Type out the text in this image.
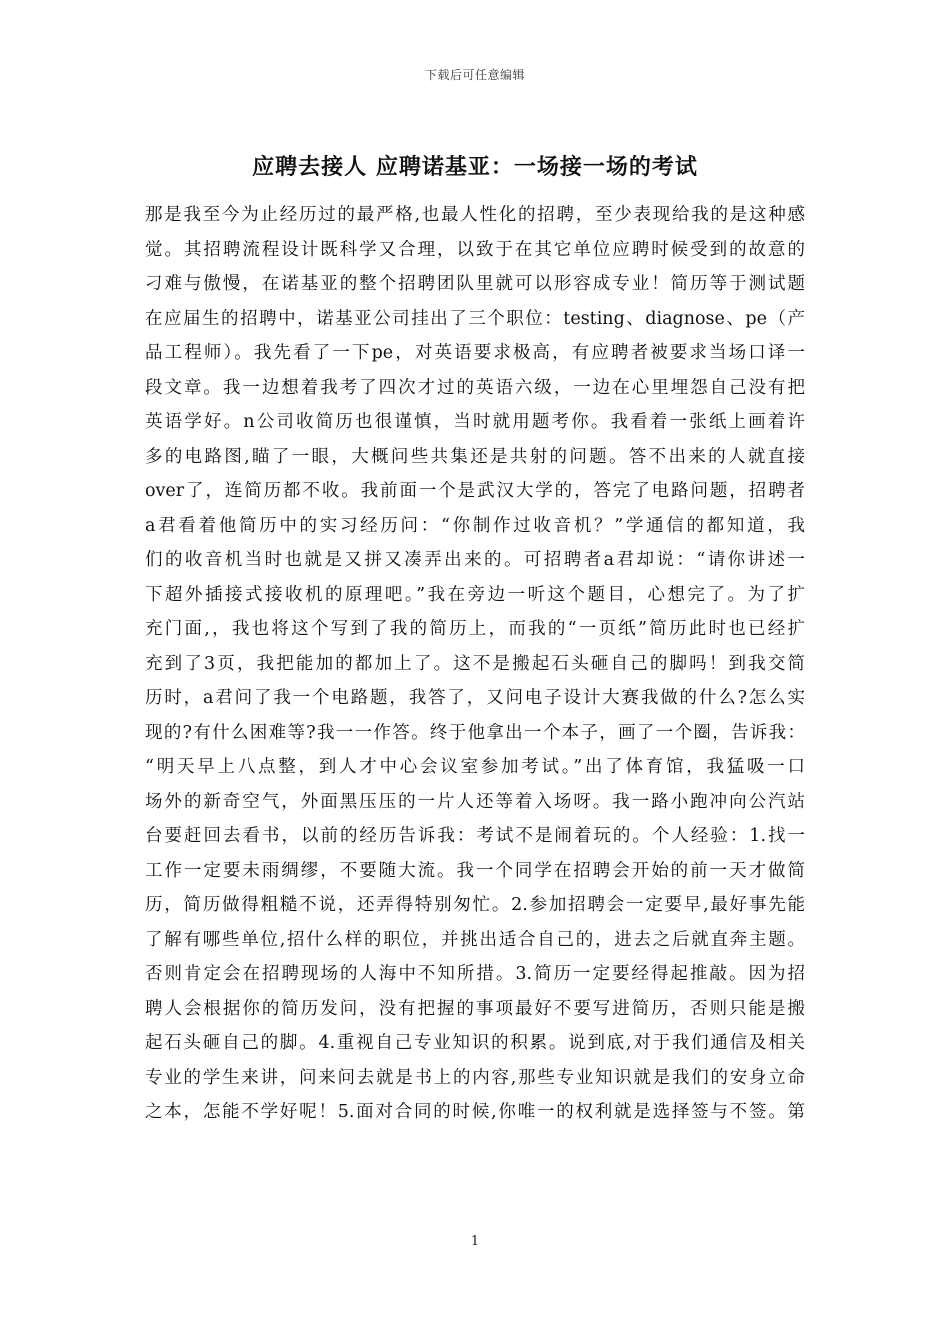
下载后可任意编辑
应聘去接人 应聘诺基亚：一场接一场的考试
那是我至今为止经历过的最严格,也最人性化的招聘，至少表现给我的是这种感
觉。其招聘流程设计既科学又合理，以致于在其它单位应聘时候受到的故意的
刁难与傲慢，在诺基亚的整个招聘团队里就可以形容成专业！简历等于测试题
在应届生的招聘中，诺基亚公司挂出了三个职位：testing、diagnose、pe（产
品工程师）。我先看了一下pe，对英语要求极高，有应聘者被要求当场口译一
段文章。我一边想着我考了四次才过的英语六级，一边在心里埋怨自己没有把
英语学好。n公司收简历也很谨慎，当时就用题考你。我看着一张纸上画着许
多的电路图,瞄了一眼，大概问些共集还是共射的问题。答不出来的人就直接
over了，连简历都不收。我前面一个是武汉大学的，答完了电路问题，招聘者
a君看着他简历中的实习经历问：“你制作过收音机？”学通信的都知道，我
们的收音机当时也就是又拼又凑弄出来的。可招聘者a君却说：“请你讲述一
下超外插接式接收机的原理吧。”我在旁边一听这个题目，心想完了。为了扩
充门面,，我也将这个写到了我的简历上，而我的“一页纸”简历此时也已经扩
充到了3页，我把能加的都加上了。这不是搬起石头砸自己的脚吗！到我交简
历时，a君问了我一个电路题，我答了，又问电子设计大赛我做的什么?怎么实
现的?有什么困难等?我一一作答。终于他拿出一个本子，画了一个圈，告诉我：
“明天早上八点整，到人才中心会议室参加考试。”出了体育馆，我猛吸一口
场外的新奇空气，外面黑压压的一片人还等着入场呀。我一路小跑冲向公汽站
台要赶回去看书，以前的经历告诉我：考试不是闹着玩的。个人经验：1.找一
工作一定要未雨绸缪，不要随大流。我一个同学在招聘会开始的前一天才做简
历，简历做得粗糙不说，还弄得特别匆忙。2.参加招聘会一定要早,最好事先能
了解有哪些单位,招什么样的职位，并挑出适合自己的，进去之后就直奔主题。
否则肯定会在招聘现场的人海中不知所措。3.简历一定要经得起推敲。因为招
聘人会根据你的简历发问，没有把握的事项最好不要写进简历，否则只能是搬
起石头砸自己的脚。4.重视自己专业知识的积累。说到底,对于我们通信及相关
专业的学生来讲，问来问去就是书上的内容,那些专业知识就是我们的安身立命
之本，怎能不学好呢！5.面对合同的时候,你唯一的权利就是选择签与不签。第
1
